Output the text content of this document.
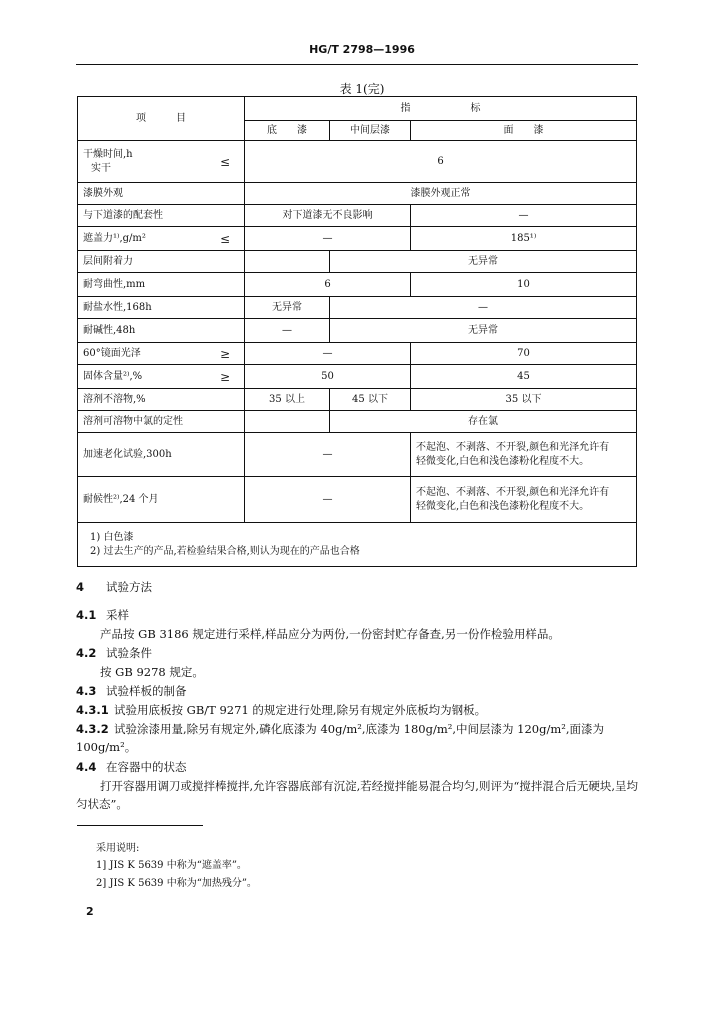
HG/T 2798—1996
表 1(完)
项　　　目	指　　　　　　标		
	底　　漆	中间层漆	面　　漆

干燥时间,h
实干 ≤	6		
漆膜外观	漆膜外观正常		
与下道漆的配套性	对下道漆无不良影响		—
遮盖力¹⁾,g/m² ≤	—		185¹⁾
层间附着力		无异常	
耐弯曲性,mm	6		10
耐盐水性,168h	无异常	—	
耐碱性,48h	—	无异常	
60°镜面光泽 ≥	—		70
固体含量²⁾,% ≥	50		45
溶剂不溶物,%	35 以上	45 以下	35 以下
溶剂可溶物中氯的定性		存在氯	
加速老化试验,300h	—		不起泡、不剥落、不开裂,颜色和光泽允许有
轻微变化,白色和浅色漆粉化程度不大。

耐候性²⁾,24 个月	—		不起泡、不剥落、不开裂,颜色和光泽允许有
轻微变化,白色和浅色漆粉化程度不大。

1) 白色漆
2) 过去生产的产品,若检验结果合格,则认为现在的产品也合格			
4 试验方法
4.1 采样
产品按 GB 3186 规定进行采样,样品应分为两份,一份密封贮存备查,另一份作检验用样品。
4.2 试验条件
按 GB 9278 规定。
4.3 试验样板的制备
4.3.1 试验用底板按 GB/T 9271 的规定进行处理,除另有规定外底板均为钢板。
4.3.2 试验涂漆用量,除另有规定外,磷化底漆为 40g/m²,底漆为 180g/m²,中间层漆为 120g/m²,面漆为 100g/m²。
4.4 在容器中的状态
打开容器用调刀或搅拌棒搅拌,允许容器底部有沉淀,若经搅拌能易混合均匀,则评为“搅拌混合后无硬块,呈均匀状态”。
采用说明:
1] JIS K 5639 中称为“遮盖率”。
2] JIS K 5639 中称为“加热残分”。
2
